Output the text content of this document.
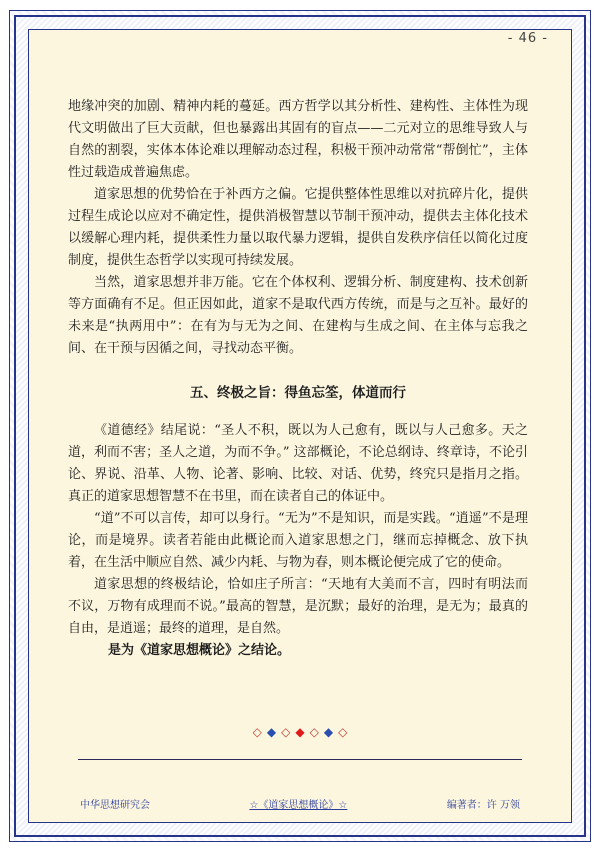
- 46 -

地缘冲突的加剧、精神内耗的蔓延。西方哲学以其分析性、建构性、主体性为现代文明做出了巨大贡献，但也暴露出其固有的盲点——二元对立的思维导致人与自然的割裂，实体本体论难以理解动态过程，积极干预冲动常常“帮倒忙”，主体性过载造成普遍焦虑。

道家思想的优势恰在于补西方之偏。它提供整体性思维以对抗碎片化，提供过程生成论以应对不确定性，提供消极智慧以节制干预冲动，提供去主体化技术以缓解心理内耗，提供柔性力量以取代暴力逻辑，提供自发秩序信任以简化过度制度，提供生态哲学以实现可持续发展。

当然，道家思想并非万能。它在个体权利、逻辑分析、制度建构、技术创新等方面确有不足。但正因如此，道家不是取代西方传统，而是与之互补。最好的未来是“执两用中”：在有为与无为之间、在建构与生成之间、在主体与忘我之间、在干预与因循之间，寻找动态平衡。

五、终极之旨：得鱼忘筌，体道而行

《道德经》结尾说：“圣人不积，既以为人己愈有，既以与人己愈多。天之道，利而不害；圣人之道，为而不争。” 这部概论，不论总纲诗、终章诗，不论引论、界说、沿革、人物、论著、影响、比较、对话、优势，终究只是指月之指。真正的道家思想智慧不在书里，而在读者自己的体证中。

“道”不可以言传，却可以身行。“无为”不是知识，而是实践。“逍遥”不是理论，而是境界。读者若能由此概论而入道家思想之门，继而忘掉概念、放下执着，在生活中顺应自然、减少内耗、与物为春，则本概论便完成了它的使命。

道家思想的终极结论，恰如庄子所言：“天地有大美而不言，四时有明法而不议，万物有成理而不说。”最高的智慧，是沉默；最好的治理，是无为；最真的自由，是逍遥；最终的道理，是自然。

是为《道家思想概论》之结论。

◇ ◆ ◇ ◆ ◇ ◆ ◇
中华思想研究会	☆《道家思想概论》☆	编著者：许 万领
